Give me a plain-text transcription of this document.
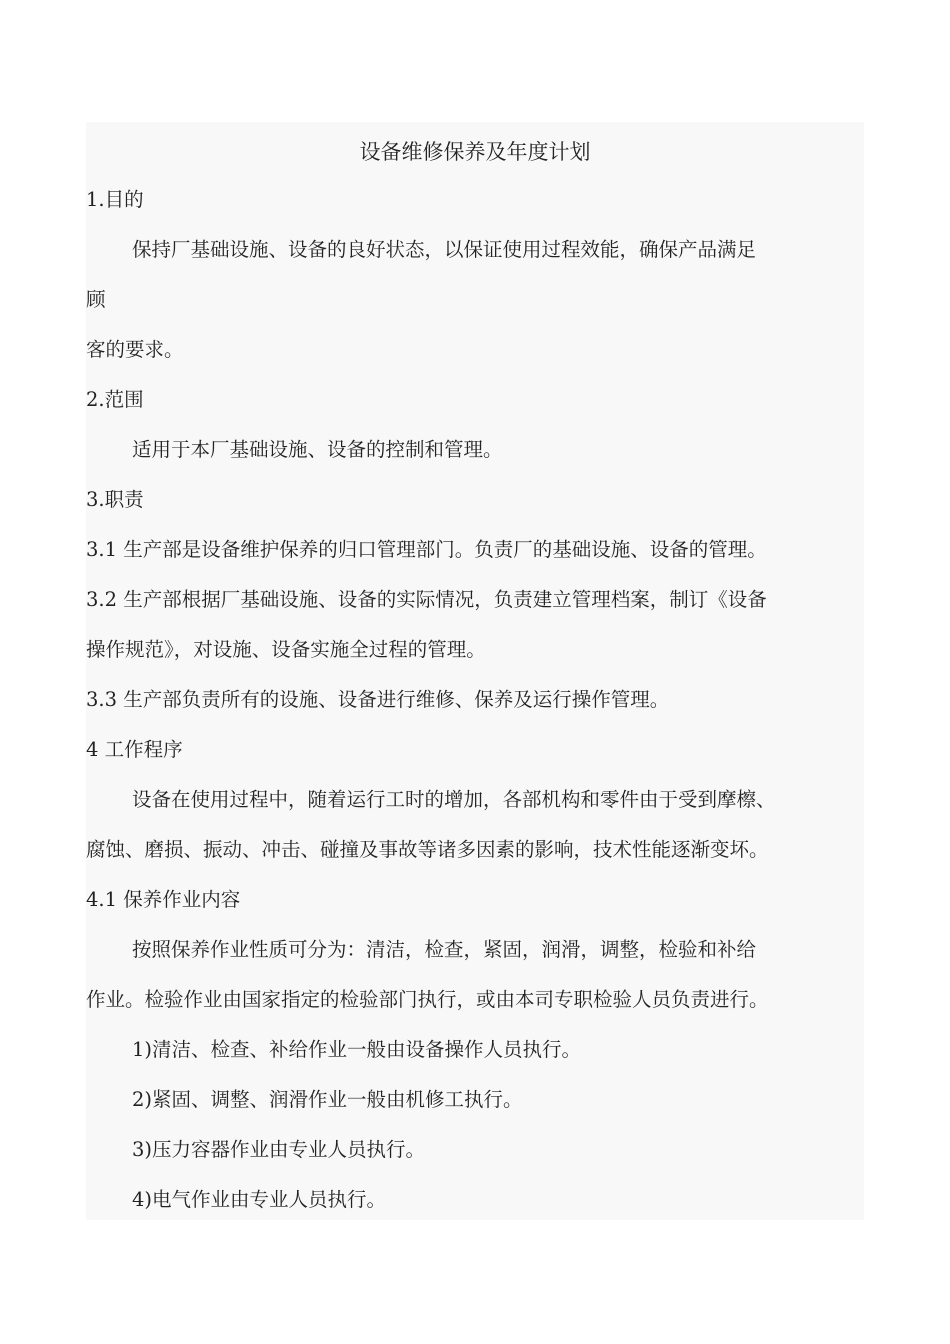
设备维修保养及年度计划
1.目的
保持厂基础设施、设备的良好状态，以保证使用过程效能，确保产品满足
顾
客的要求。
2.范围
适用于本厂基础设施、设备的控制和管理。
3.职责
3.1 生产部是设备维护保养的归口管理部门。负责厂的基础设施、设备的管理。
3.2 生产部根据厂基础设施、设备的实际情况，负责建立管理档案，制订《设备
操作规范》，对设施、设备实施全过程的管理。
3.3 生产部负责所有的设施、设备进行维修、保养及运行操作管理。
4 工作程序
设备在使用过程中，随着运行工时的增加，各部机构和零件由于受到摩檫、
腐蚀、磨损、振动、冲击、碰撞及事故等诸多因素的影响，技术性能逐渐变坏。
4.1 保养作业内容
按照保养作业性质可分为：清洁，检查，紧固，润滑，调整，检验和补给
作业。检验作业由国家指定的检验部门执行，或由本司专职检验人员负责进行。
1)清洁、检查、补给作业一般由设备操作人员执行。
2)紧固、调整、润滑作业一般由机修工执行。
3)压力容器作业由专业人员执行。
4)电气作业由专业人员执行。
